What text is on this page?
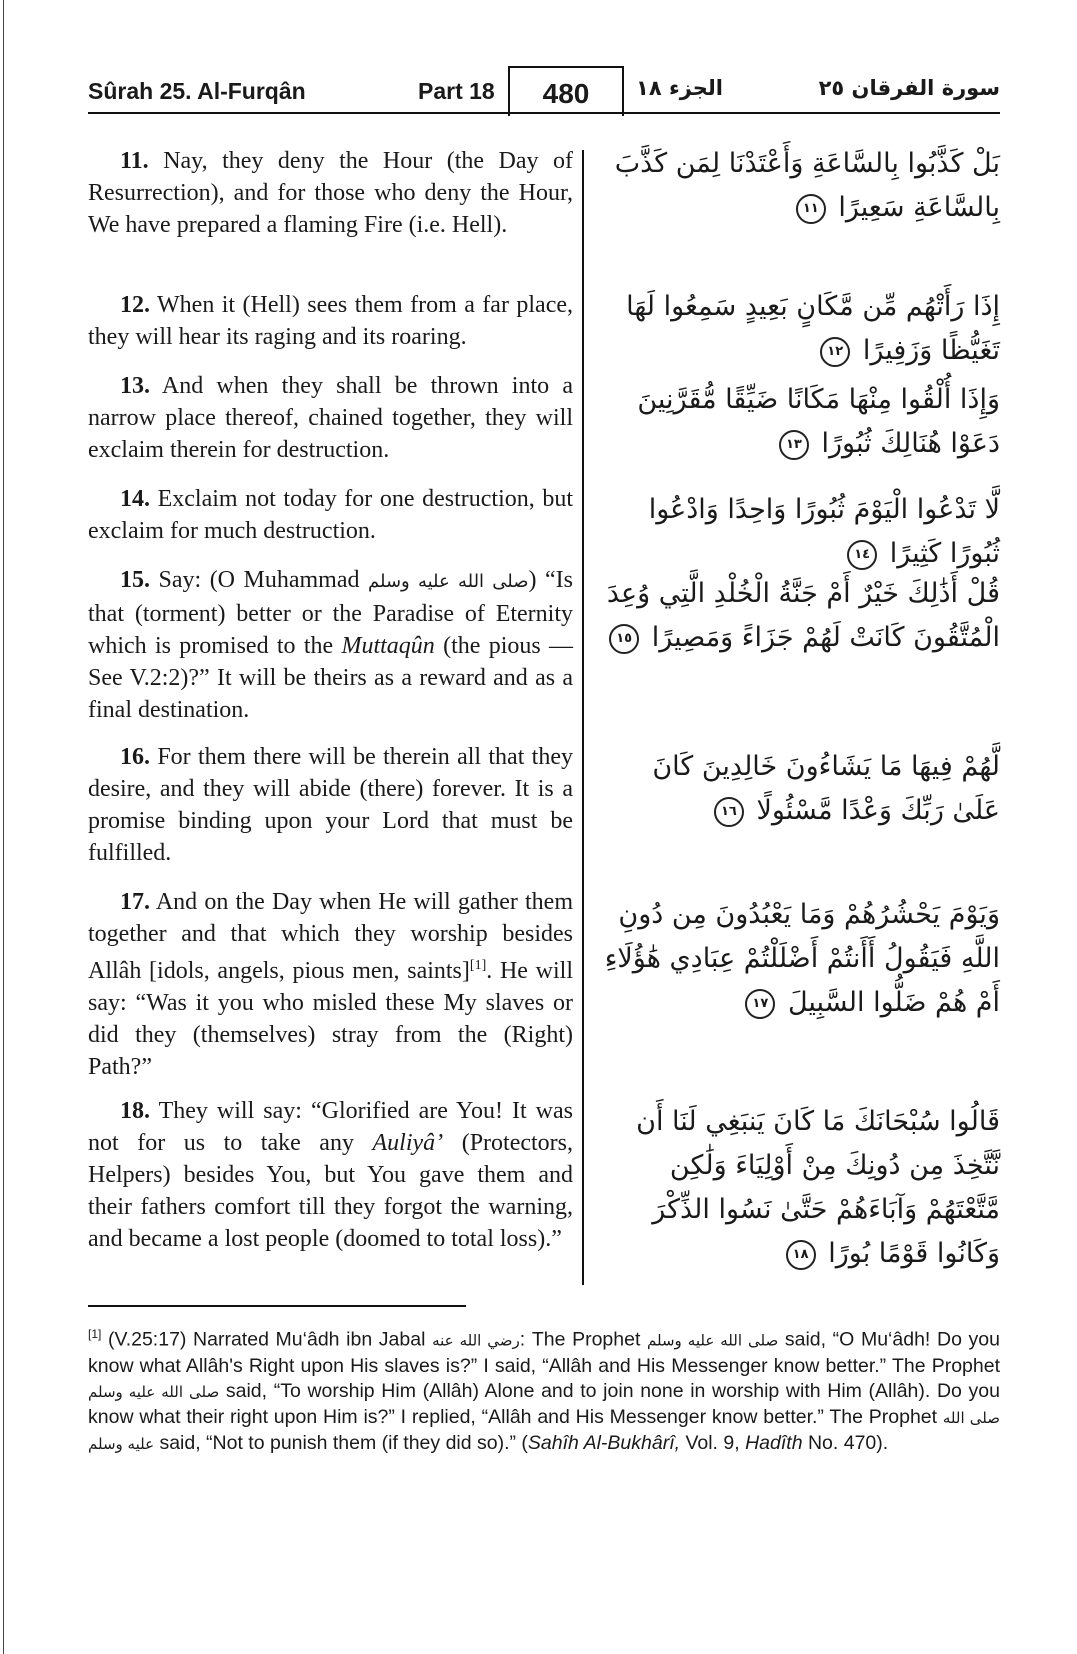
Sûrah 25. Al-Furqân	Part 18	480	الجزء ١٨	سورة الفرقان ٢٥
11. Nay, they deny the Hour (the Day of Resurrection), and for those who deny the Hour, We have prepared a flaming Fire (i.e. Hell).
بَلْ كَذَّبُوا بِالسَّاعَةِ وَأَعْتَدْنَا لِمَن كَذَّبَ بِالسَّاعَةِ سَعِيرًا ١١
12. When it (Hell) sees them from a far place, they will hear its raging and its roaring.
إِذَا رَأَتْهُم مِّن مَّكَانٍ بَعِيدٍ سَمِعُوا لَهَا تَغَيُّظًا وَزَفِيرًا ١٢
13. And when they shall be thrown into a narrow place thereof, chained together, they will exclaim therein for destruction.
وَإِذَا أُلْقُوا مِنْهَا مَكَانًا ضَيِّقًا مُّقَرَّنِينَ دَعَوْا هُنَالِكَ ثُبُورًا ١٣
14. Exclaim not today for one destruction, but exclaim for much destruction.
لَّا تَدْعُوا الْيَوْمَ ثُبُورًا وَاحِدًا وَادْعُوا ثُبُورًا كَثِيرًا ١٤
15. Say: (O Muhammad صلى الله عليه وسلم) “Is that (torment) better or the Paradise of Eternity which is promised to the Muttaqûn (the pious — See V.2:2)?” It will be theirs as a reward and as a final destination.
قُلْ أَذَٰلِكَ خَيْرٌ أَمْ جَنَّةُ الْخُلْدِ الَّتِي وُعِدَ الْمُتَّقُونَ كَانَتْ لَهُمْ جَزَاءً وَمَصِيرًا ١٥
16. For them there will be therein all that they desire, and they will abide (there) forever. It is a promise binding upon your Lord that must be fulfilled.
لَّهُمْ فِيهَا مَا يَشَاءُونَ خَالِدِينَ كَانَ عَلَىٰ رَبِّكَ وَعْدًا مَّسْئُولًا ١٦
17. And on the Day when He will gather them together and that which they worship besides Allâh [idols, angels, pious men, saints][1]. He will say: “Was it you who misled these My slaves or did they (themselves) stray from the (Right) Path?”
وَيَوْمَ يَحْشُرُهُمْ وَمَا يَعْبُدُونَ مِن دُونِ اللَّهِ فَيَقُولُ أَأَنتُمْ أَضْلَلْتُمْ عِبَادِي هَٰؤُلَاءِ أَمْ هُمْ ضَلُّوا السَّبِيلَ ١٧
18. They will say: “Glorified are You! It was not for us to take any Auliyâ’ (Protectors, Helpers) besides You, but You gave them and their fathers comfort till they forgot the warning, and became a lost people (doomed to total loss).”
قَالُوا سُبْحَانَكَ مَا كَانَ يَنبَغِي لَنَا أَن نَّتَّخِذَ مِن دُونِكَ مِنْ أَوْلِيَاءَ وَلَٰكِن مَّتَّعْتَهُمْ وَآبَاءَهُمْ حَتَّىٰ نَسُوا الذِّكْرَ وَكَانُوا قَوْمًا بُورًا ١٨
[1] (V.25:17) Narrated Mu‘âdh ibn Jabal رضي الله عنه: The Prophet صلى الله عليه وسلم said, “O Mu‘âdh! Do you know what Allâh's Right upon His slaves is?” I said, “Allâh and His Messenger know better.” The Prophet صلى الله عليه وسلم said, “To worship Him (Allâh) Alone and to join none in worship with Him (Allâh). Do you know what their right upon Him is?” I replied, “Allâh and His Messenger know better.” The Prophet صلى الله عليه وسلم said, “Not to punish them (if they did so).” (Sahîh Al-Bukhârî, Vol. 9, Hadîth No. 470).
